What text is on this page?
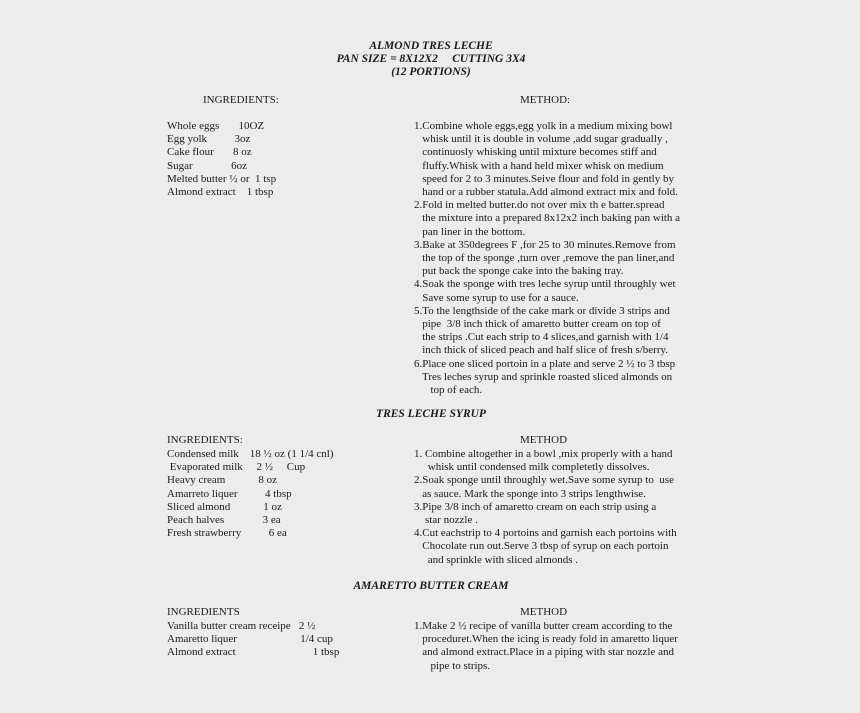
ALMOND TRES LECHE
PAN SIZE = 8X12X2     CUTTING 3X4
(12 PORTIONS)
INGREDIENTS:	METHOD:
Whole eggs       10OZ
Egg yolk          3oz
Cake flour       8 oz
Sugar              6oz
Melted butter ½ or  1 tsp
Almond extract    1 tbsp
1.Combine whole eggs,egg yolk in a medium mixing bowl
whisk until it is double in volume ,add sugar gradually ,
continuosly whisking until mixture becomes stiff and
fluffy.Whisk with a hand held mixer whisk on medium
speed for 2 to 3 minutes.Seive flour and fold in gently by
hand or a rubber statula.Add almond extract mix and fold.
2.Fold in melted butter.do not over mix th e batter.spread
the mixture into a prepared 8x12x2 inch baking pan with a
pan liner in the bottom.
3.Bake at 350degrees F ,for 25 to 30 minutes.Remove from
the top of the sponge ,turn over ,remove the pan liner,and
put back the sponge cake into the baking tray.
4.Soak the sponge with tres leche syrup until throughly wet
Save some syrup to use for a sauce.
5.To the lengthside of the cake mark or divide 3 strips and
pipe  3/8 inch thick of amaretto butter cream on top of
the strips .Cut each strip to 4 slices,and garnish with 1/4
inch thick of sliced peach and half slice of fresh s/berry.
6.Place one sliced portoin in a plate and serve 2 ½ to 3 tbsp
Tres leches syrup and sprinkle roasted sliced almonds on
top of each.
TRES LECHE SYRUP
INGREDIENTS:	METHOD
Condensed milk    18 ½ oz (1 1/4 cnl)
Evaporated milk     2 ½     Cup
Heavy cream            8 oz
Amarreto liquer          4 tbsp
Sliced almond            1 oz
Peach halves              3 ea
Fresh strawberry          6 ea
1. Combine altogether in a bowl ,mix properly with a hand
whisk until condensed milk completetly dissolves.
2.Soak sponge until throughly wet.Save some syrup to  use
as sauce. Mark the sponge into 3 strips lengthwise.
3.Pipe 3/8 inch of amaretto cream on each strip using a
star nozzle .
4.Cut eachstrip to 4 portoins and garnish each portoins with
Chocolate run out.Serve 3 tbsp of syrup on each portoin
and sprinkle with sliced almonds .
AMARETTO BUTTER CREAM
INGREDIENTS	METHOD
Vanilla butter cream receipe   2 ½
Amaretto liquer                       1/4 cup
Almond extract                            1 tbsp
1.Make 2 ½ recipe of vanilla butter cream according to the
proceduret.When the icing is ready fold in amaretto liquer
and almond extract.Place in a piping with star nozzle and
pipe to strips.
